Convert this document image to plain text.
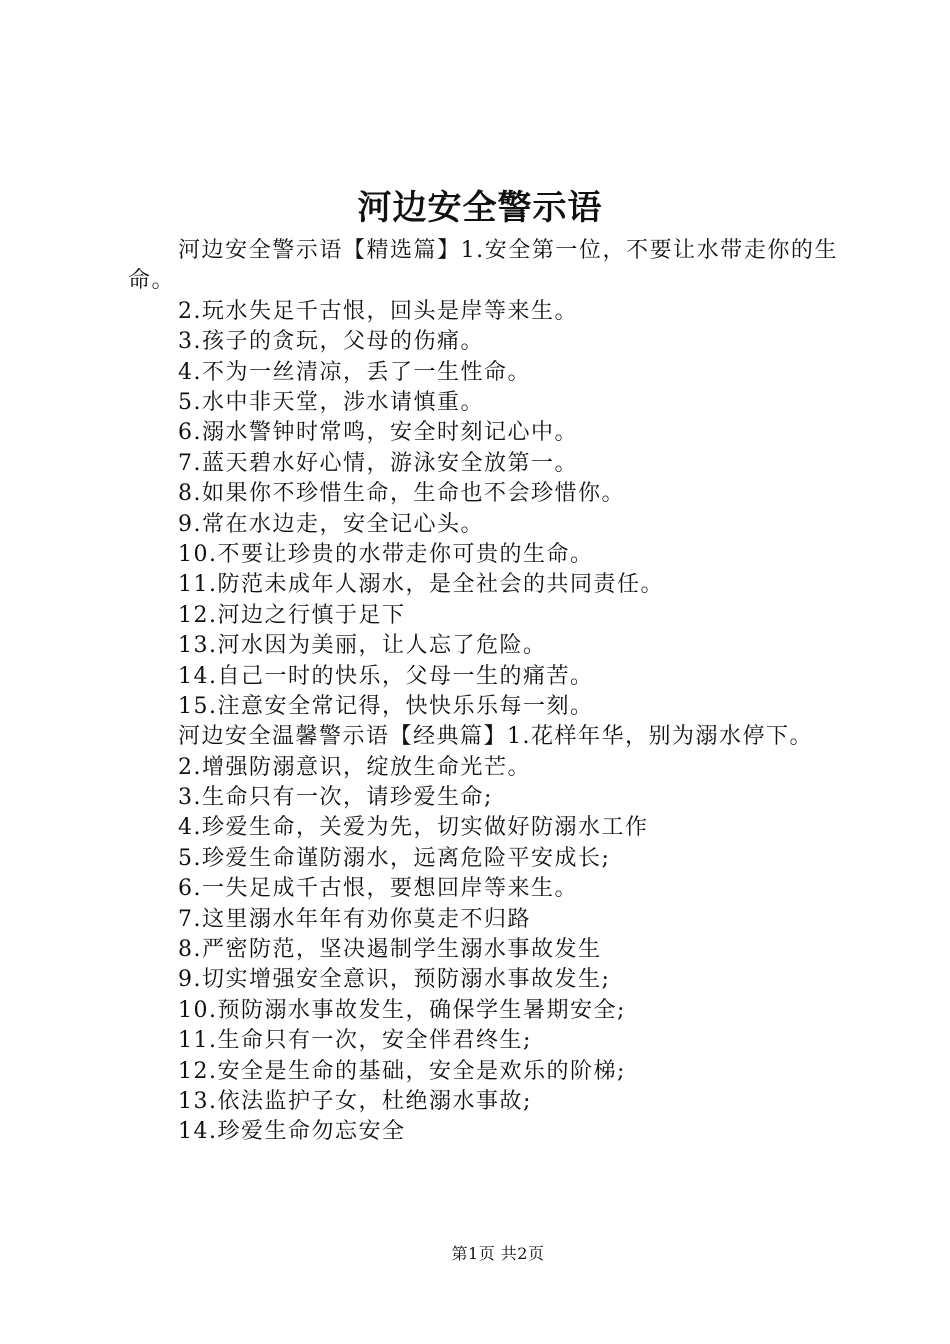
河边安全警示语
河边安全警示语【精选篇】1.安全第一位，不要让水带走你的生命。
2.玩水失足千古恨，回头是岸等来生。
3.孩子的贪玩，父母的伤痛。
4.不为一丝清凉，丢了一生性命。
5.水中非天堂，涉水请慎重。
6.溺水警钟时常鸣，安全时刻记心中。
7.蓝天碧水好心情，游泳安全放第一。
8.如果你不珍惜生命，生命也不会珍惜你。
9.常在水边走，安全记心头。
10.不要让珍贵的水带走你可贵的生命。
11.防范未成年人溺水，是全社会的共同责任。
12.河边之行慎于足下
13.河水因为美丽，让人忘了危险。
14.自己一时的快乐，父母一生的痛苦。
15.注意安全常记得，快快乐乐每一刻。
河边安全温馨警示语【经典篇】1.花样年华，别为溺水停下。
2.增强防溺意识，绽放生命光芒。
3.生命只有一次，请珍爱生命;
4.珍爱生命，关爱为先，切实做好防溺水工作
5.珍爱生命谨防溺水，远离危险平安成长;
6.一失足成千古恨，要想回岸等来生。
7.这里溺水年年有劝你莫走不归路
8.严密防范，坚决遏制学生溺水事故发生
9.切实增强安全意识，预防溺水事故发生;
10.预防溺水事故发生，确保学生暑期安全;
11.生命只有一次，安全伴君终生;
12.安全是生命的基础，安全是欢乐的阶梯;
13.依法监护子女，杜绝溺水事故;
14.珍爱生命勿忘安全
第1页 共2页
